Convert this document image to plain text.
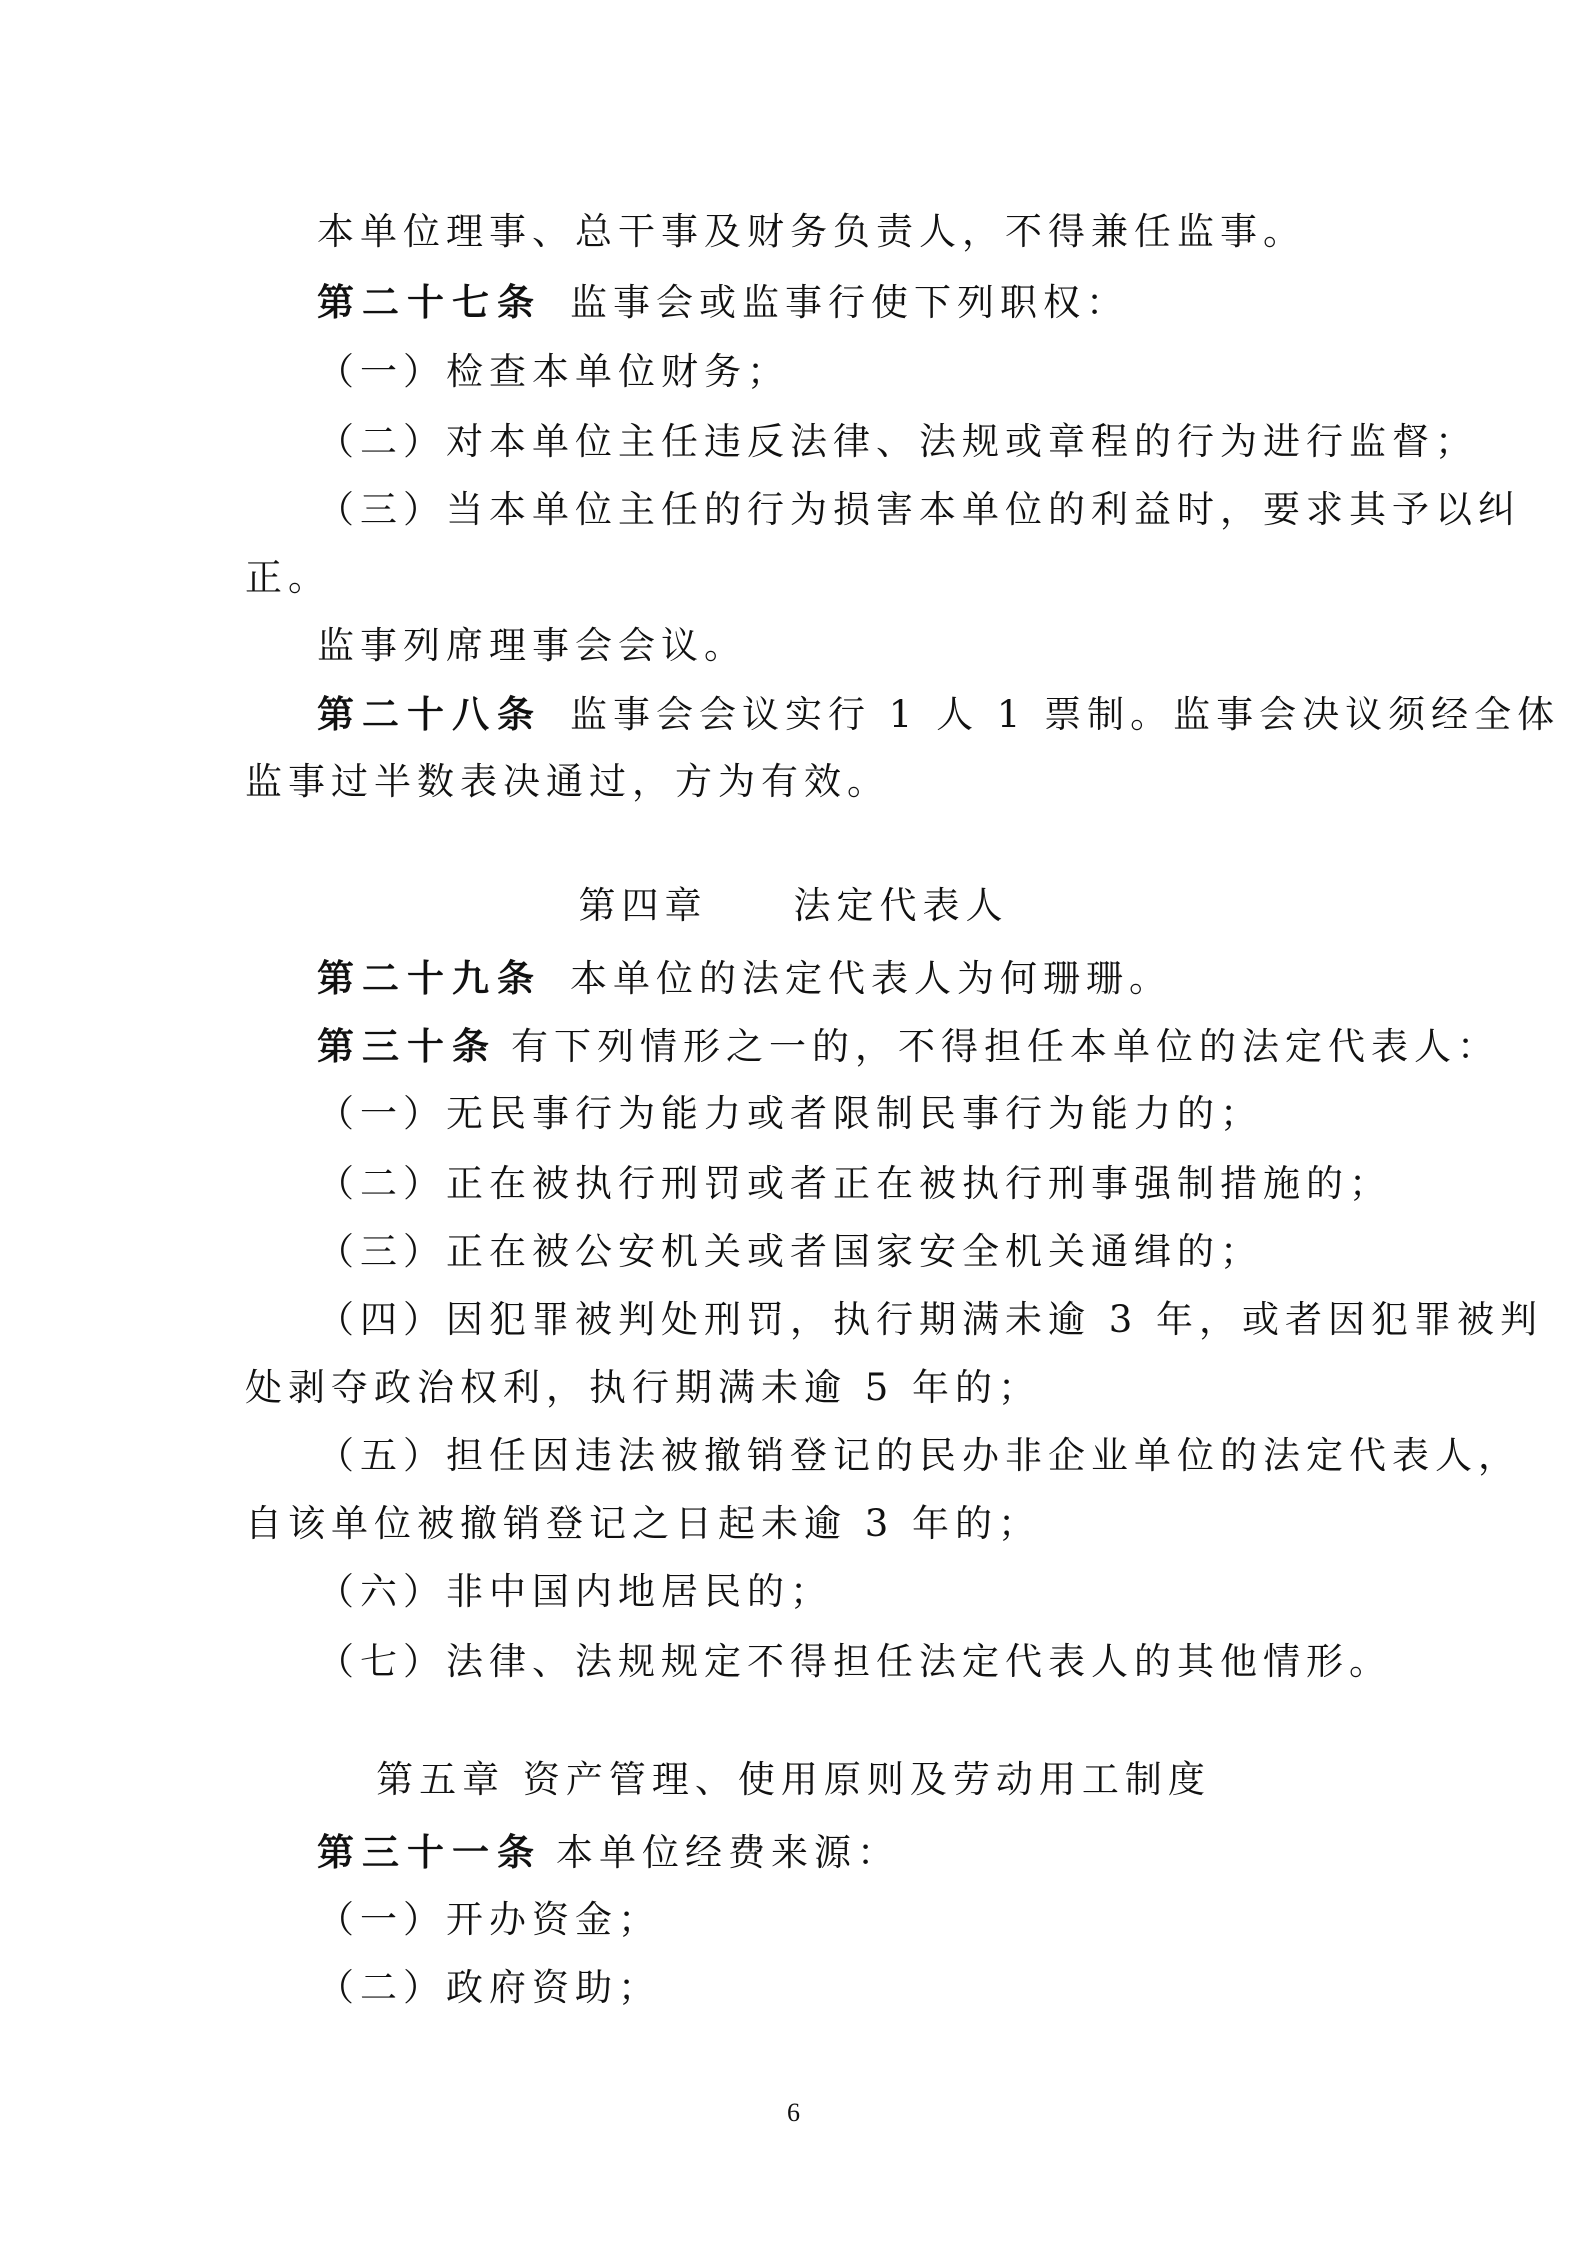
本单位理事、总干事及财务负责人，不得兼任监事。
第二十七条 监事会或监事行使下列职权：
（一）检查本单位财务；
（二）对本单位主任违反法律、法规或章程的行为进行监督；
（三）当本单位主任的行为损害本单位的利益时，要求其予以纠
正。
监事列席理事会会议。
第二十八条 监事会会议实行 1 人 1 票制。监事会决议须经全体
监事过半数表决通过，方为有效。
第四章　　法定代表人
第二十九条 本单位的法定代表人为何珊珊。
第三十条 有下列情形之一的，不得担任本单位的法定代表人：
（一）无民事行为能力或者限制民事行为能力的；
（二）正在被执行刑罚或者正在被执行刑事强制措施的；
（三）正在被公安机关或者国家安全机关通缉的；
（四）因犯罪被判处刑罚，执行期满未逾 3 年，或者因犯罪被判
处剥夺政治权利，执行期满未逾 5 年的；
（五）担任因违法被撤销登记的民办非企业单位的法定代表人，
自该单位被撤销登记之日起未逾 3 年的；
（六）非中国内地居民的；
（七）法律、法规规定不得担任法定代表人的其他情形。
第五章 资产管理、使用原则及劳动用工制度
第三十一条 本单位经费来源：
（一）开办资金；
（二）政府资助；
6
